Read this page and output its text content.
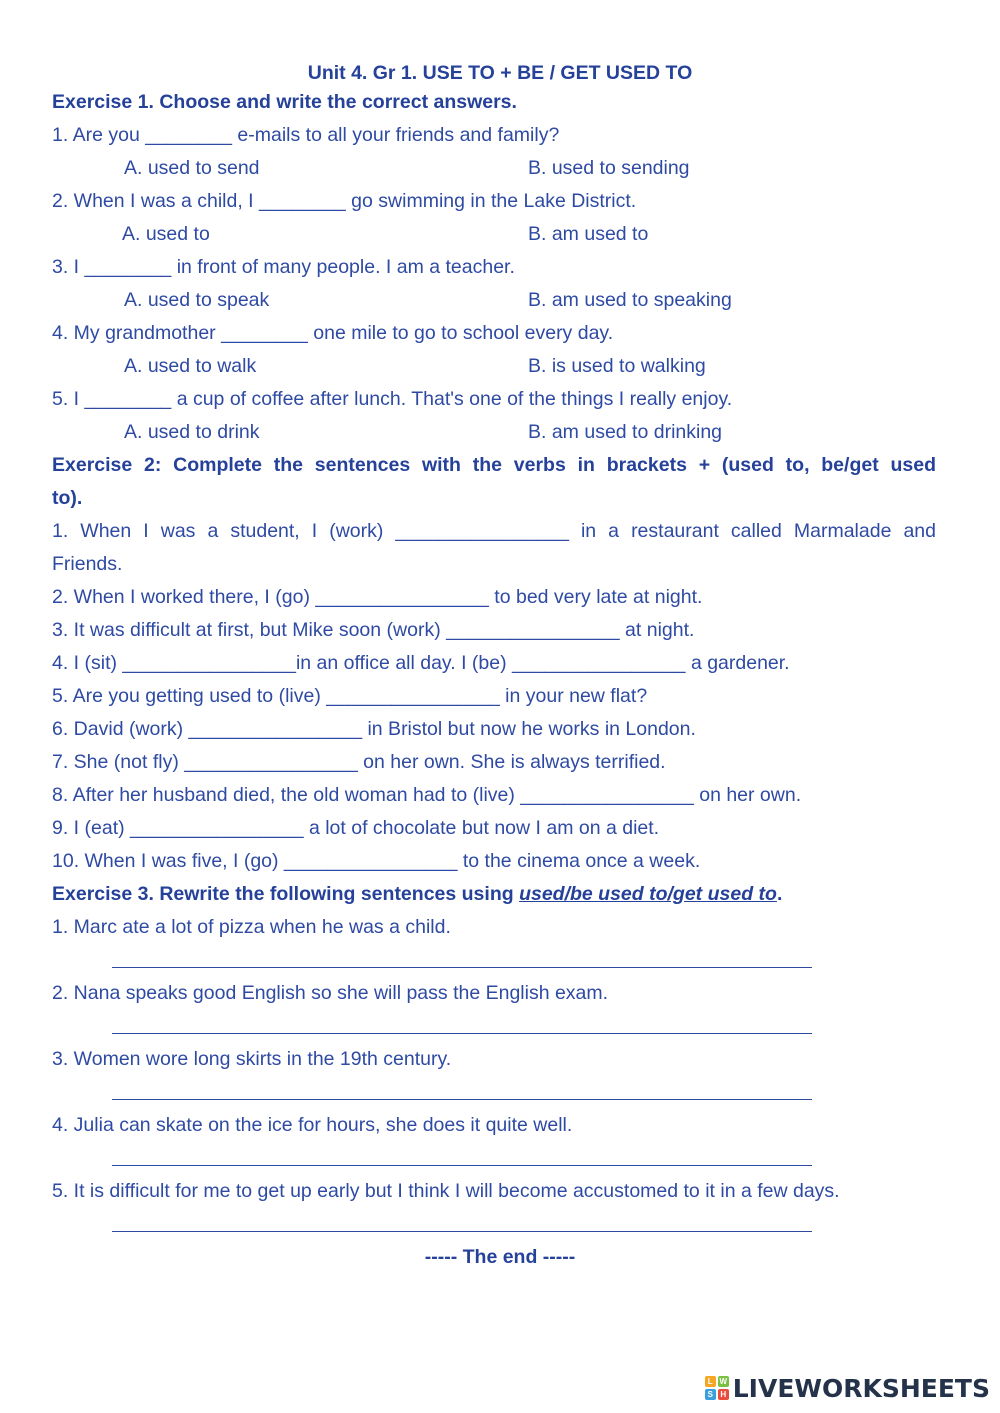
Unit 4. Gr 1. USE TO + BE / GET USED TO
Exercise 1. Choose and write the correct answers.
1. Are you ________ e-mails to all your friends and family?
A. used to send	B. used to sending
2. When I was a child, I ________ go swimming in the Lake District.
A. used to	B. am used to
3. I ________ in front of many people. I am a teacher.
A. used to speak	B. am used to speaking
4. My grandmother ________ one mile to go to school every day.
A. used to walk	B. is used to walking
5. I ________ a cup of coffee after lunch. That's one of the things I really enjoy.
A. used to drink	B. am used to drinking
Exercise 2: Complete the sentences with the verbs in brackets + (used to, be/get used
to).
1. When I was a student, I (work) ________________ in a restaurant called Marmalade and
Friends.
2. When I worked there, I (go) ________________ to bed very late at night.
3. It was difficult at first, but Mike soon (work) ________________ at night.
4. I (sit) ________________in an office all day. I (be) ________________ a gardener.
5. Are you getting used to (live) ________________ in your new flat?
6. David (work) ________________ in Bristol but now he works in London.
7. She (not fly) ________________ on her own. She is always terrified.
8. After her husband died, the old woman had to (live) ________________ on her own.
9. I (eat) ________________ a lot of chocolate but now I am on a diet.
10. When I was five, I (go) ________________ to the cinema once a week.
Exercise 3. Rewrite the following sentences using used/be used to/get used to.
1. Marc ate a lot of pizza when he was a child.
2. Nana speaks good English so she will pass the English exam.
3. Women wore long skirts in the 19th century.
4. Julia can skate on the ice for hours, she does it quite well.
5. It is difficult for me to get up early but I think I will become accustomed to it in a few days.
----- The end -----
L W
S H LIVEWORKSHEETS
